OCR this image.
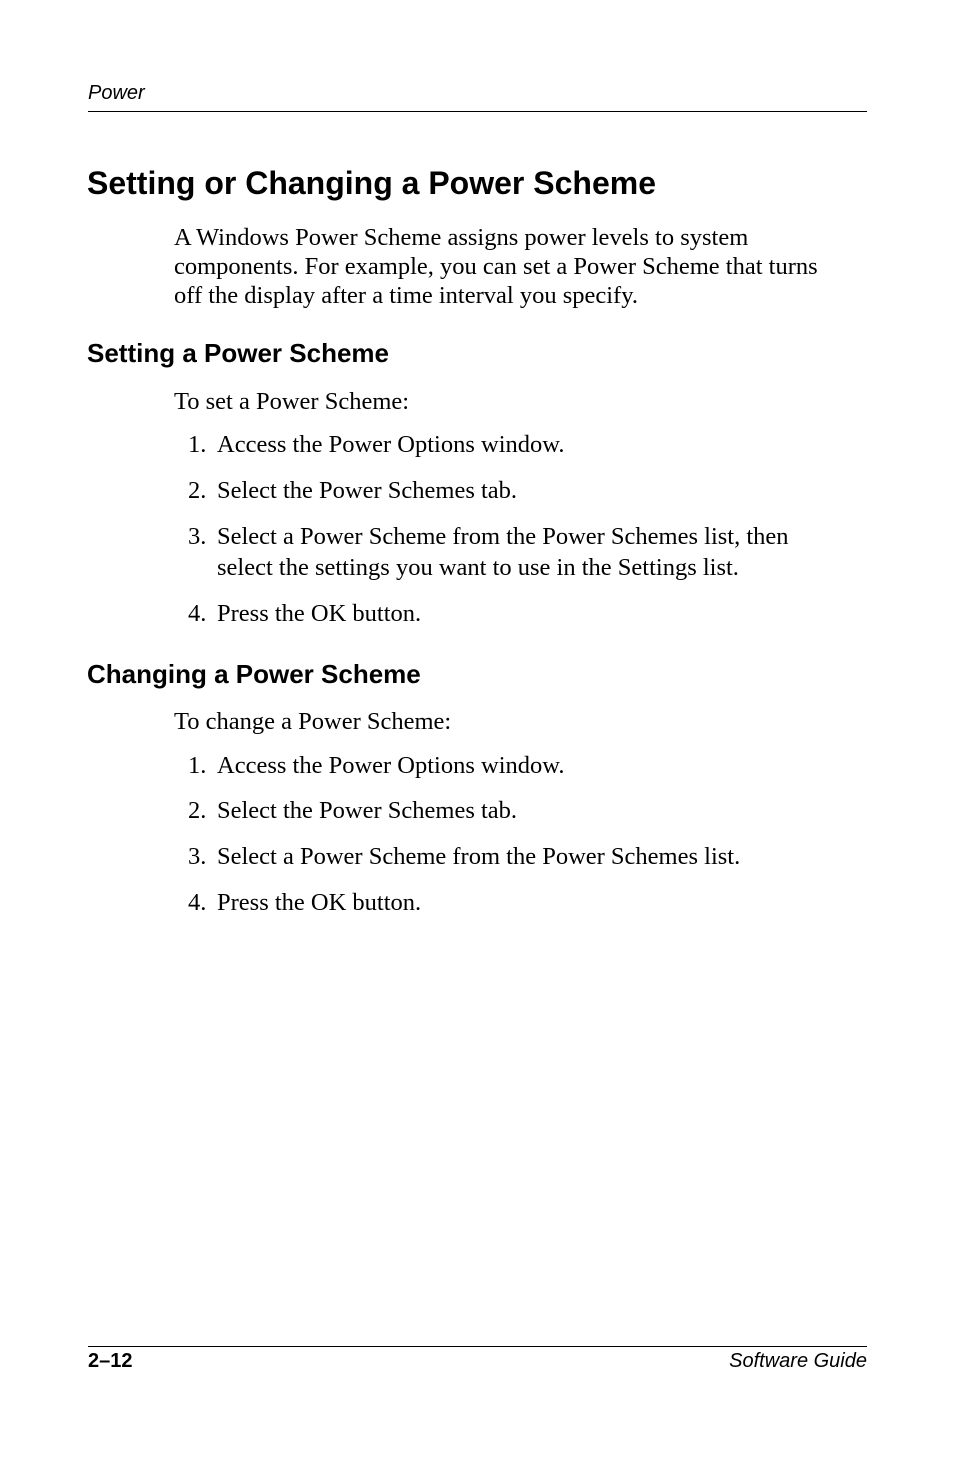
Power
Setting or Changing a Power Scheme

A Windows Power Scheme assigns power levels to system
components. For example, you can set a Power Scheme that turns
off the display after a time interval you specify.

Setting a Power Scheme

To set a Power Scheme:

1. Access the Power Options window.
2. Select the Power Schemes tab.
3. Select a Power Scheme from the Power Schemes list, then
select the settings you want to use in the Settings list.
4. Press the OK button.
Changing a Power Scheme

To change a Power Scheme:

1. Access the Power Options window.
2. Select the Power Schemes tab.
3. Select a Power Scheme from the Power Schemes list.
4. Press the OK button.
2–12	Software Guide
